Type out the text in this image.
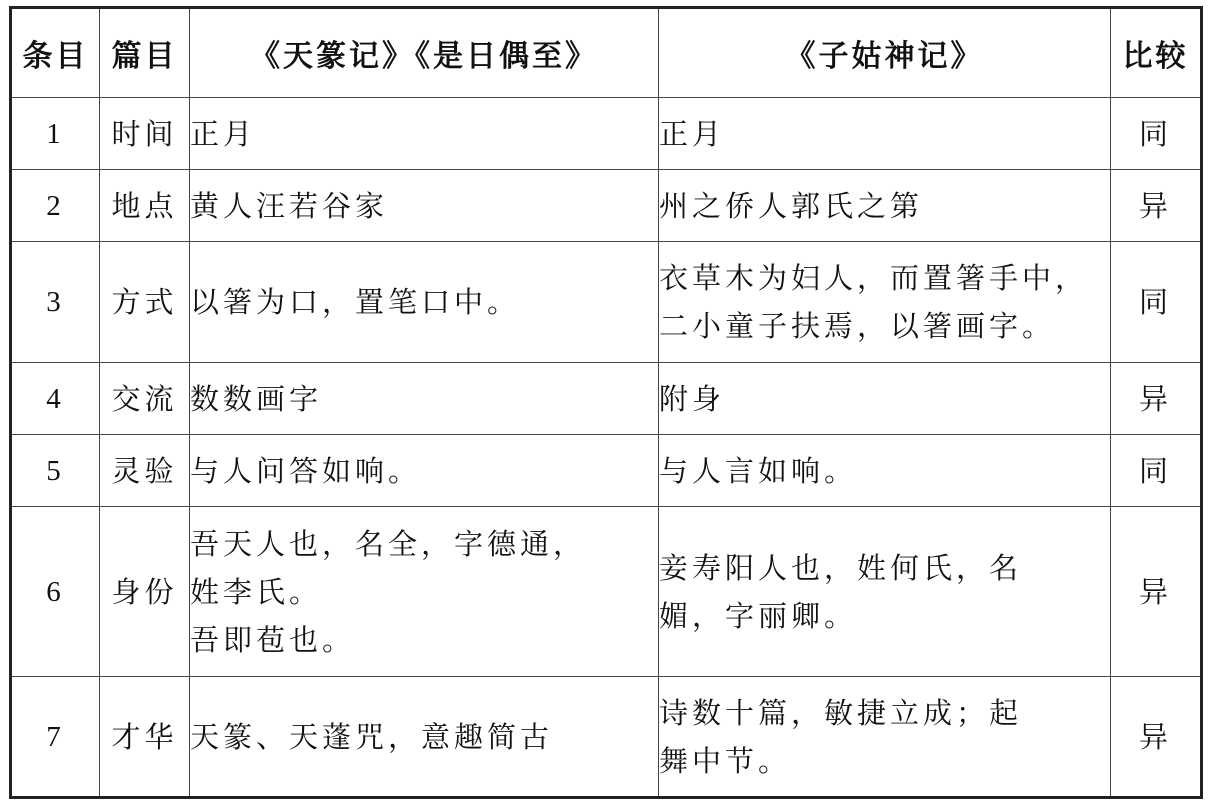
条目	篇目	《天篆记》《是日偶至》	《子姑神记》	比较
1	时间	正月	正月	同
2	地点	黄人汪若谷家	州之侨人郭氏之第	异
3	方式	以箸为口，置笔口中。	衣草木为妇人，而置箸手中，
二小童子扶焉，以箸画字。	同
4	交流	数数画字	附身	异
5	灵验	与人问答如响。	与人言如响。	同
6	身份	吾天人也，名全，字德通，
姓李氏。
吾即苞也。	妾寿阳人也，姓何氏，名
媚，字丽卿。	异
7	才华	天篆、天蓬咒，意趣简古	诗数十篇，敏捷立成；起
舞中节。	异
